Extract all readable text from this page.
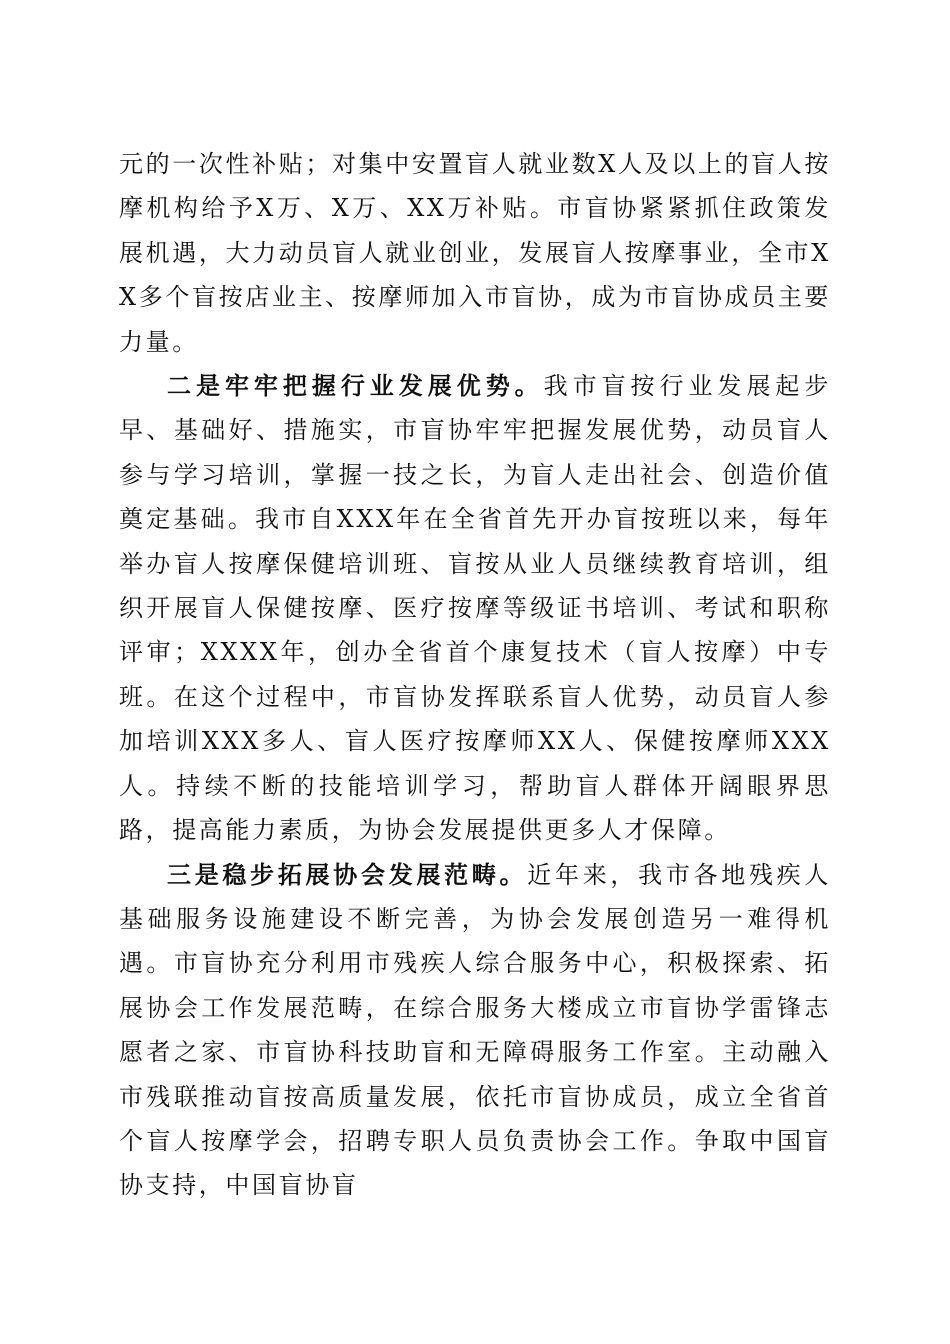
元的一次性补贴；对集中安置盲人就业数X人及以上的盲人按摩机构给予X万、X万、XX万补贴。市盲协紧紧抓住政策发展机遇，大力动员盲人就业创业，发展盲人按摩事业，全市XX多个盲按店业主、按摩师加入市盲协，成为市盲协成员主要力量。

二是牢牢把握行业发展优势。我市盲按行业发展起步早、基础好、措施实，市盲协牢牢把握发展优势，动员盲人参与学习培训，掌握一技之长，为盲人走出社会、创造价值奠定基础。我市自XXX年在全省首先开办盲按班以来，每年举办盲人按摩保健培训班、盲按从业人员继续教育培训，组织开展盲人保健按摩、医疗按摩等级证书培训、考试和职称评审；XXXX年，创办全省首个康复技术（盲人按摩）中专班。在这个过程中，市盲协发挥联系盲人优势，动员盲人参加培训XXX多人、盲人医疗按摩师XX人、保健按摩师XXX人。持续不断的技能培训学习，帮助盲人群体开阔眼界思路，提高能力素质，为协会发展提供更多人才保障。

三是稳步拓展协会发展范畴。近年来，我市各地残疾人基础服务设施建设不断完善，为协会发展创造另一难得机遇。市盲协充分利用市残疾人综合服务中心，积极探索、拓展协会工作发展范畴，在综合服务大楼成立市盲协学雷锋志愿者之家、市盲协科技助盲和无障碍服务工作室。主动融入市残联推动盲按高质量发展，依托市盲协成员，成立全省首个盲人按摩学会，招聘专职人员负责协会工作。争取中国盲协支持，中国盲协盲
